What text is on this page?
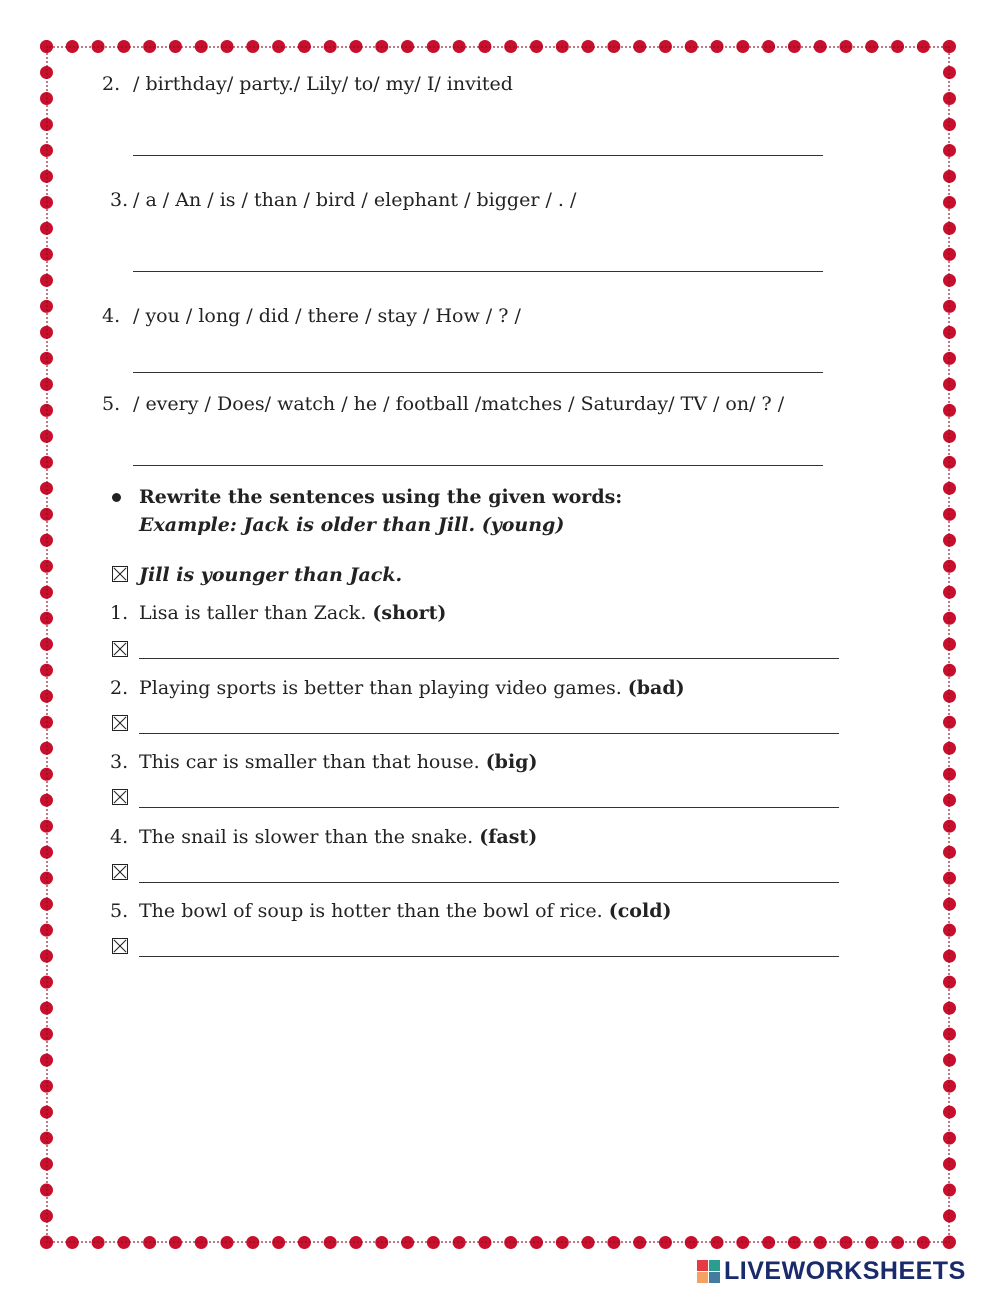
2. / birthday/ party./ Lily/ to/ my/ I/ invited
3. / a / An / is / than / bird / elephant / bigger / . /
4. / you / long / did / there / stay / How / ? /
5. / every / Does/ watch / he / football /matches / Saturday/ TV / on/ ? /
Rewrite the sentences using the given words:
Example: Jack is older than Jill. (young)
Jill is younger than Jack.
1. Lisa is taller than Zack. (short)
2. Playing sports is better than playing video games. (bad)
3. This car is smaller than that house. (big)
4. The snail is slower than the snake. (fast)
5. The bowl of soup is hotter than the bowl of rice. (cold)
LIVEWORKSHEETS
